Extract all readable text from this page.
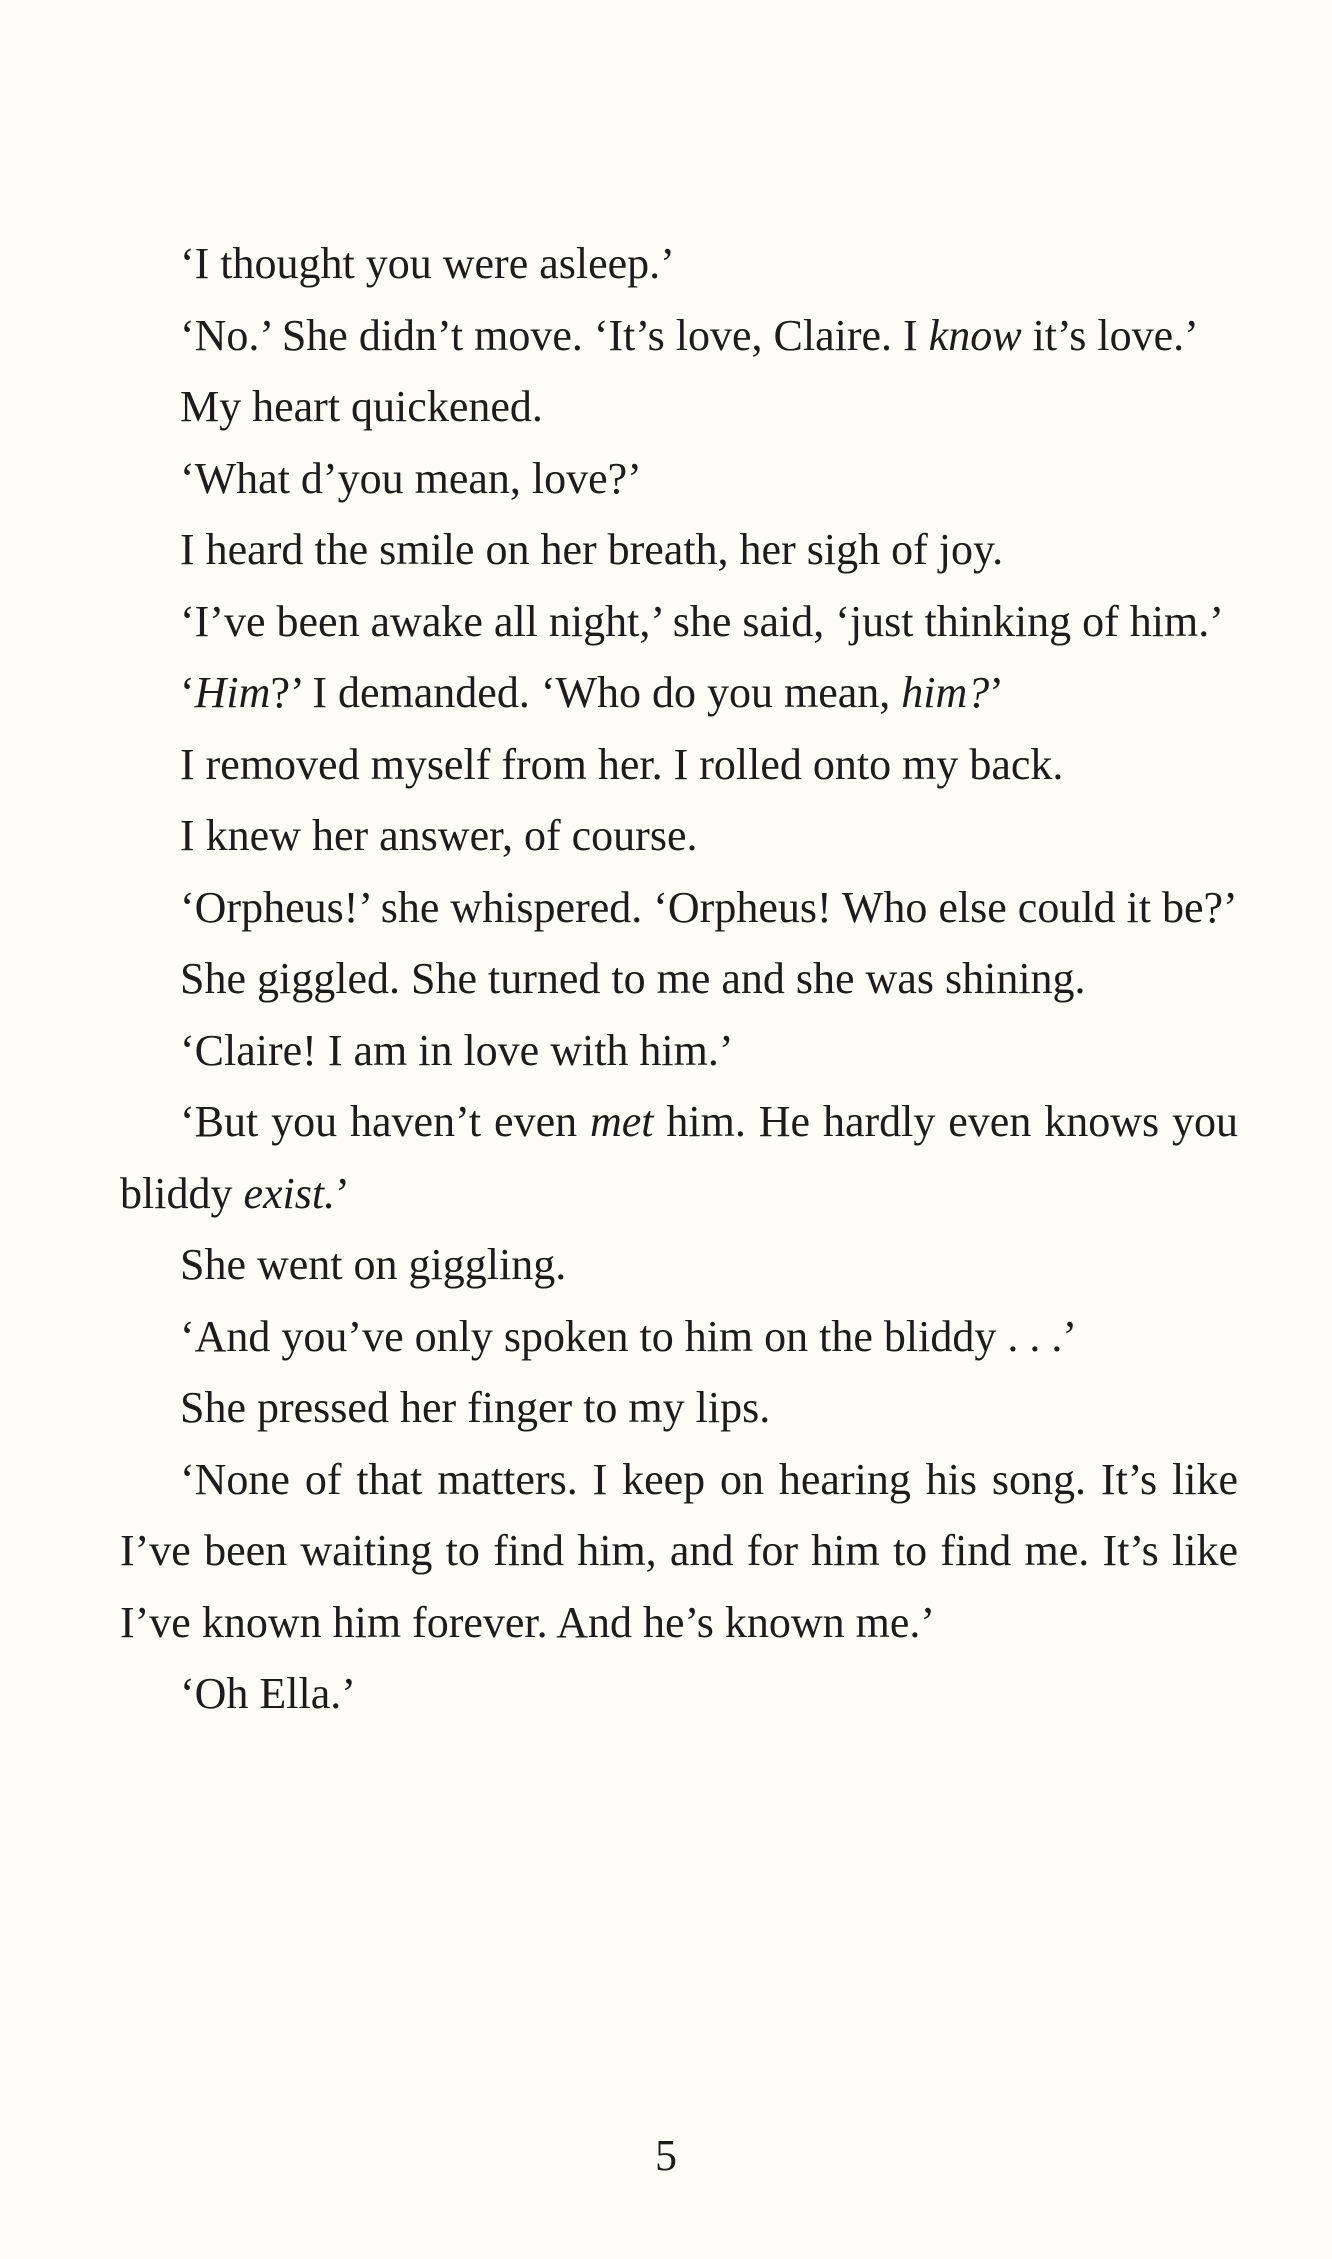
‘I thought you were asleep.’

‘No.’ She didn’t move. ‘It’s love, Claire. I know it’s love.’

My heart quickened.

‘What d’you mean, love?’

I heard the smile on her breath, her sigh of joy.

‘I’ve been awake all night,’ she said, ‘just thinking of him.’

‘Him?’ I demanded. ‘Who do you mean, him?’

I removed myself from her. I rolled onto my back.

I knew her answer, of course.

‘Orpheus!’ she whispered. ‘Orpheus! Who else could it be?’

She giggled. She turned to me and she was shining.

‘Claire! I am in love with him.’

‘But you haven’t even met him. He hardly even knows you bliddy exist.’

She went on giggling.

‘And you’ve only spoken to him on the bliddy . . .’

She pressed her finger to my lips.

‘None of that matters. I keep on hearing his song. It’s like I’ve been waiting to find him, and for him to find me. It’s like I’ve known him forever. And he’s known me.’

‘Oh Ella.’

5
